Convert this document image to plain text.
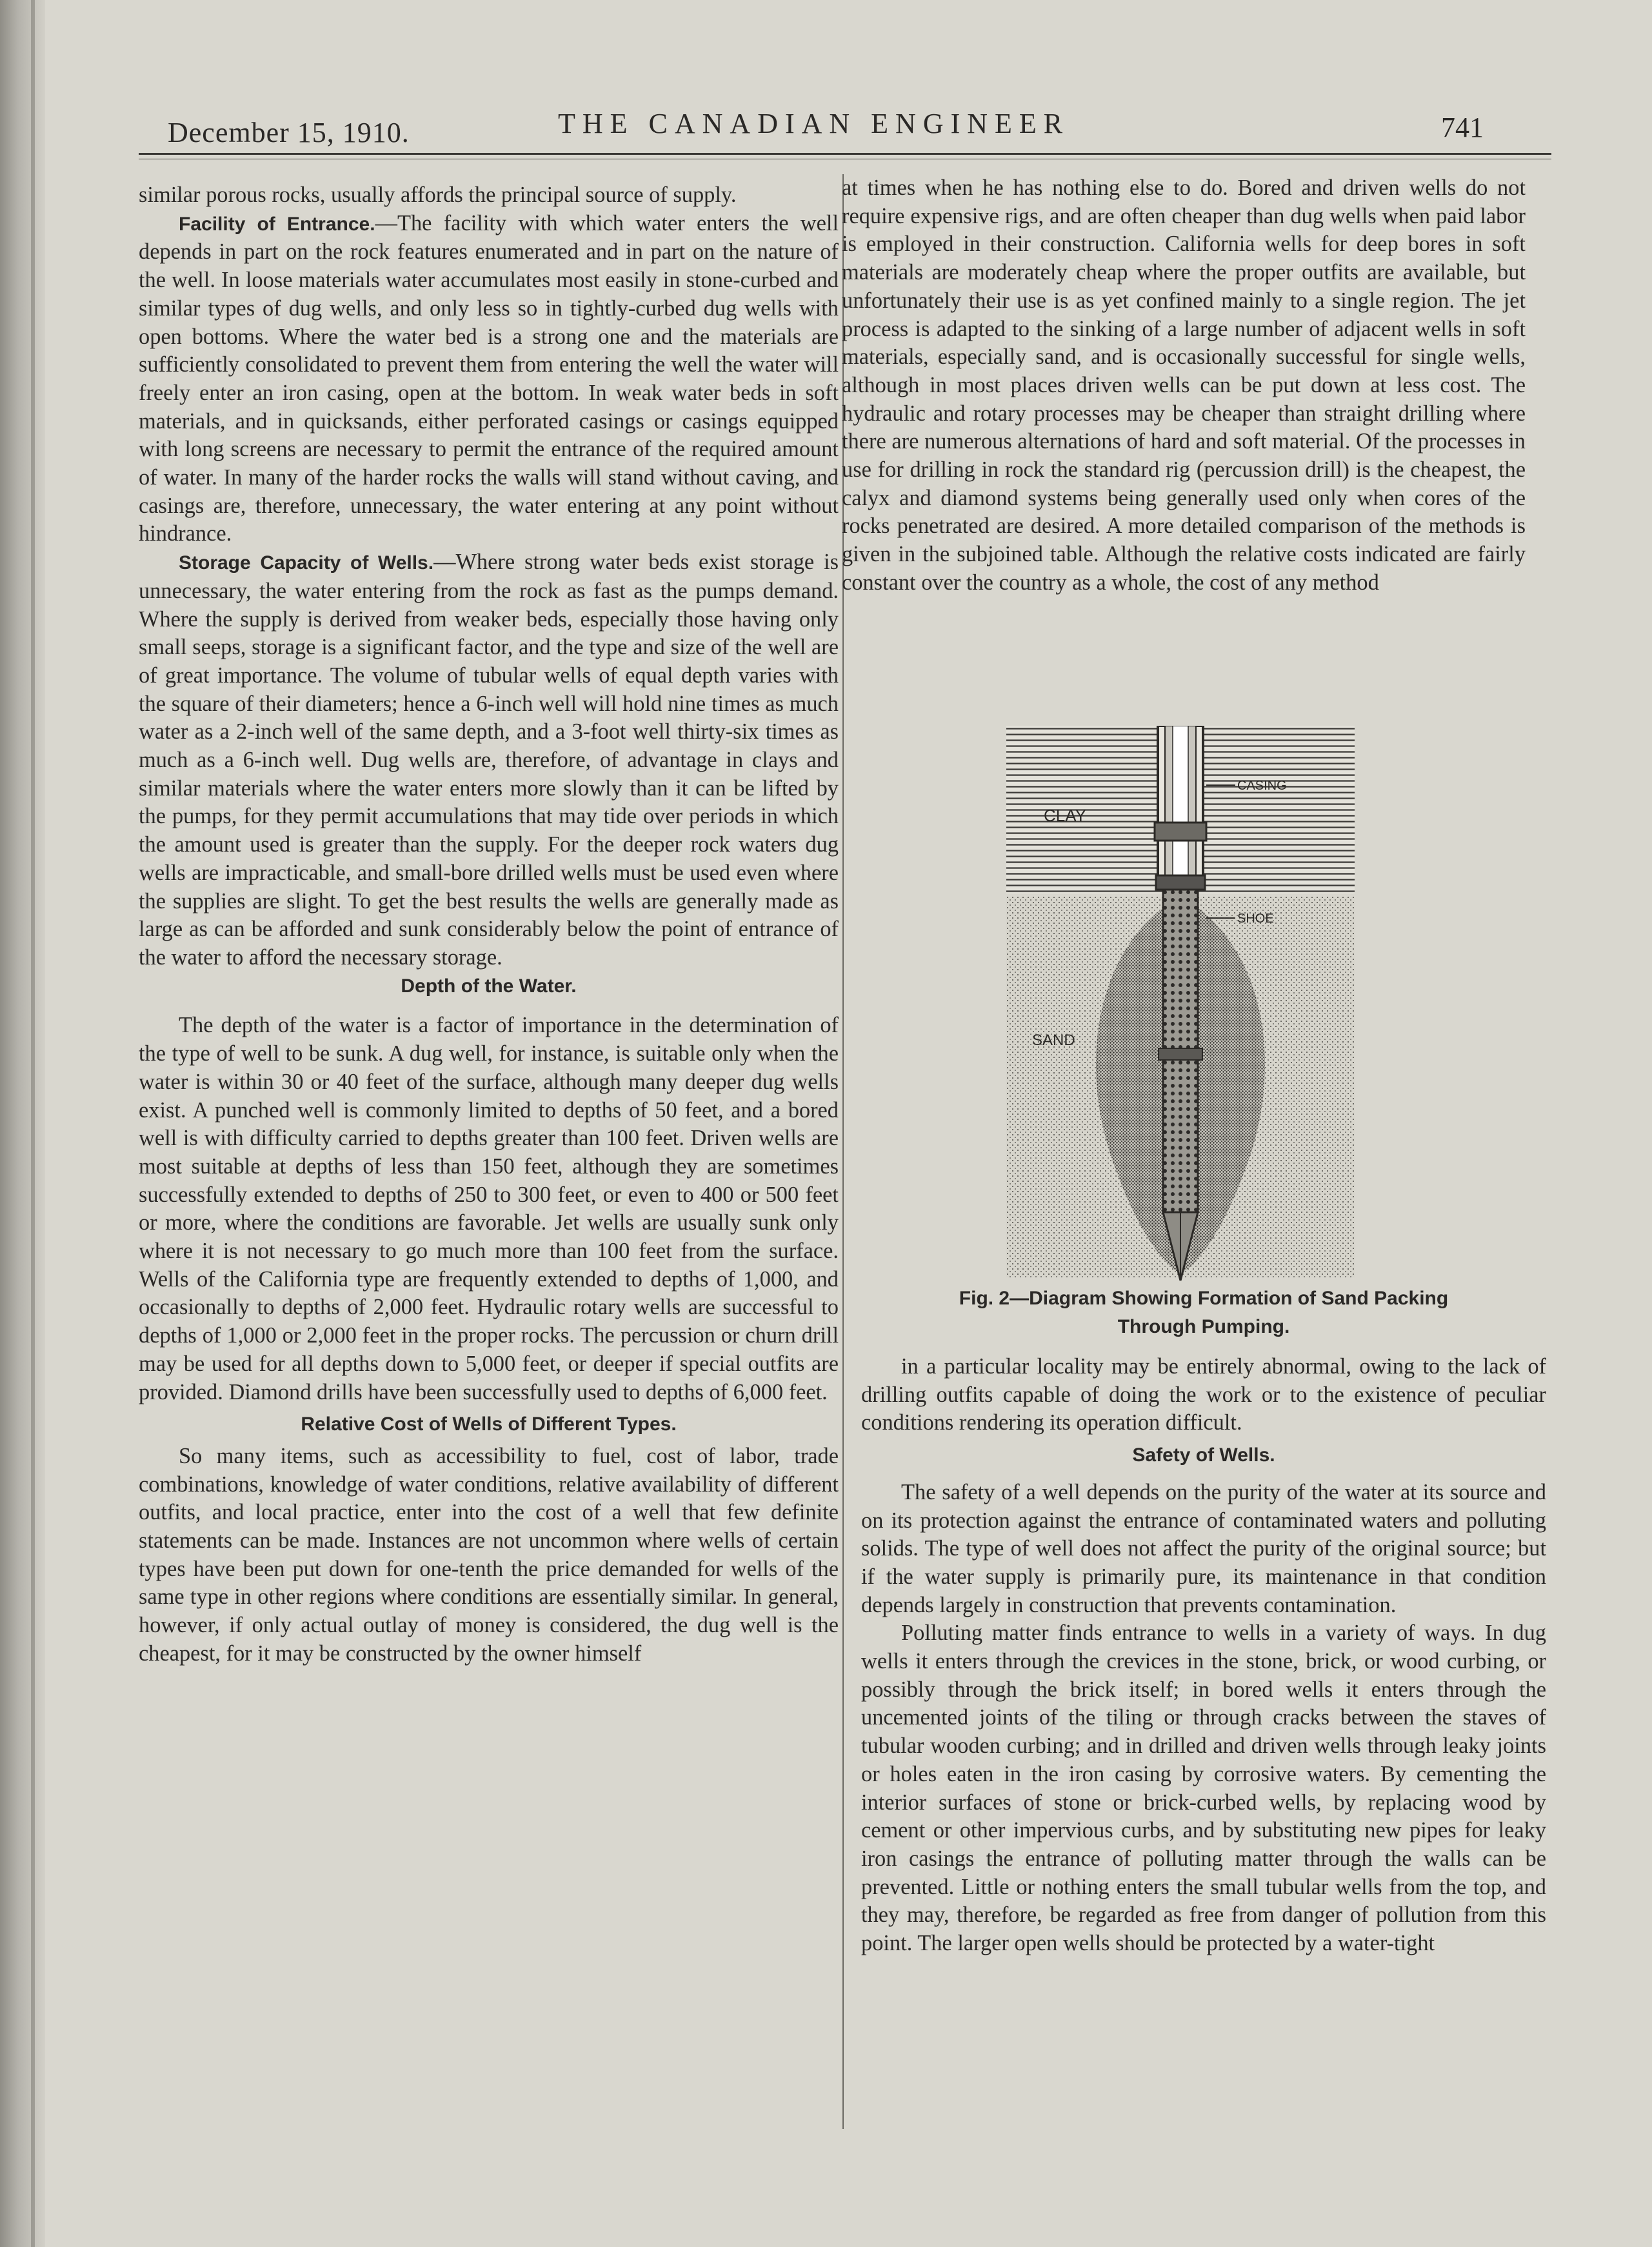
December 15, 1910.	THE CANADIAN ENGINEER	741

similar porous rocks, usually affords the principal source of supply.

Facility of Entrance.—The facility with which water enters the well depends in part on the rock features enumerated and in part on the nature of the well. In loose materials water accumulates most easily in stone-curbed and similar types of dug wells, and only less so in tightly-curbed dug wells with open bottoms. Where the water bed is a strong one and the materials are sufficiently consolidated to prevent them from entering the well the water will freely enter an iron casing, open at the bottom. In weak water beds in soft materials, and in quicksands, either perforated casings or casings equipped with long screens are necessary to permit the entrance of the required amount of water. In many of the harder rocks the walls will stand without caving, and casings are, therefore, unnecessary, the water entering at any point without hindrance.

Storage Capacity of Wells.—Where strong water beds exist storage is unnecessary, the water entering from the rock as fast as the pumps demand. Where the supply is derived from weaker beds, especially those having only small seeps, storage is a significant factor, and the type and size of the well are of great importance. The volume of tubular wells of equal depth varies with the square of their diameters; hence a 6-inch well will hold nine times as much water as a 2-inch well of the same depth, and a 3-foot well thirty-six times as much as a 6-inch well. Dug wells are, therefore, of advantage in clays and similar materials where the water enters more slowly than it can be lifted by the pumps, for they permit accumulations that may tide over periods in which the amount used is greater than the supply. For the deeper rock waters dug wells are impracticable, and small-bore drilled wells must be used even where the supplies are slight. To get the best results the wells are generally made as large as can be afforded and sunk considerably below the point of entrance of the water to afford the necessary storage.

Depth of the Water.

The depth of the water is a factor of importance in the determination of the type of well to be sunk. A dug well, for instance, is suitable only when the water is within 30 or 40 feet of the surface, although many deeper dug wells exist. A punched well is commonly limited to depths of 50 feet, and a bored well is with difficulty carried to depths greater than 100 feet. Driven wells are most suitable at depths of less than 150 feet, although they are sometimes successfully extended to depths of 250 to 300 feet, or even to 400 or 500 feet or more, where the conditions are favorable. Jet wells are usually sunk only where it is not necessary to go much more than 100 feet from the surface. Wells of the California type are frequently extended to depths of 1,000, and occasionally to depths of 2,000 feet. Hydraulic rotary wells are successful to depths of 1,000 or 2,000 feet in the proper rocks. The percussion or churn drill may be used for all depths down to 5,000 feet, or deeper if special outfits are provided. Diamond drills have been successfully used to depths of 6,000 feet.

Relative Cost of Wells of Different Types.

So many items, such as accessibility to fuel, cost of labor, trade combinations, knowledge of water conditions, relative availability of different outfits, and local practice, enter into the cost of a well that few definite statements can be made. Instances are not uncommon where wells of certain types have been put down for one-tenth the price demanded for wells of the same type in other regions where conditions are essentially similar. In general, however, if only actual outlay of money is considered, the dug well is the cheapest, for it may be constructed by the owner himself

at times when he has nothing else to do. Bored and driven wells do not require expensive rigs, and are often cheaper than dug wells when paid labor is employed in their construction. California wells for deep bores in soft materials are moderately cheap where the proper outfits are available, but unfortunately their use is as yet confined mainly to a single region. The jet process is adapted to the sinking of a large number of adjacent wells in soft materials, especially sand, and is occasionally successful for single wells, although in most places driven wells can be put down at less cost. The hydraulic and rotary processes may be cheaper than straight drilling where there are numerous alternations of hard and soft material. Of the processes in use for drilling in rock the standard rig (percussion drill) is the cheapest, the calyx and diamond systems being generally used only when cores of the rocks penetrated are desired. A more detailed comparison of the methods is given in the subjoined table. Although the relative costs indicated are fairly constant over the country as a whole, the cost of any method

CASING
CLAY
SHOE
SAND
Fig. 2—Diagram Showing Formation of Sand Packing
Through Pumping.

in a particular locality may be entirely abnormal, owing to the lack of drilling outfits capable of doing the work or to the existence of peculiar conditions rendering its operation difficult.

Safety of Wells.

The safety of a well depends on the purity of the water at its source and on its protection against the entrance of contaminated waters and polluting solids. The type of well does not affect the purity of the original source; but if the water supply is primarily pure, its maintenance in that condition depends largely in construction that prevents contamination.

Polluting matter finds entrance to wells in a variety of ways. In dug wells it enters through the crevices in the stone, brick, or wood curbing, or possibly through the brick itself; in bored wells it enters through the uncemented joints of the tiling or through cracks between the staves of tubular wooden curbing; and in drilled and driven wells through leaky joints or holes eaten in the iron casing by corrosive waters. By cementing the interior surfaces of stone or brick-curbed wells, by replacing wood by cement or other impervious curbs, and by substituting new pipes for leaky iron casings the entrance of polluting matter through the walls can be prevented. Little or nothing enters the small tubular wells from the top, and they may, therefore, be regarded as free from danger of pollution from this point. The larger open wells should be protected by a water-tight
